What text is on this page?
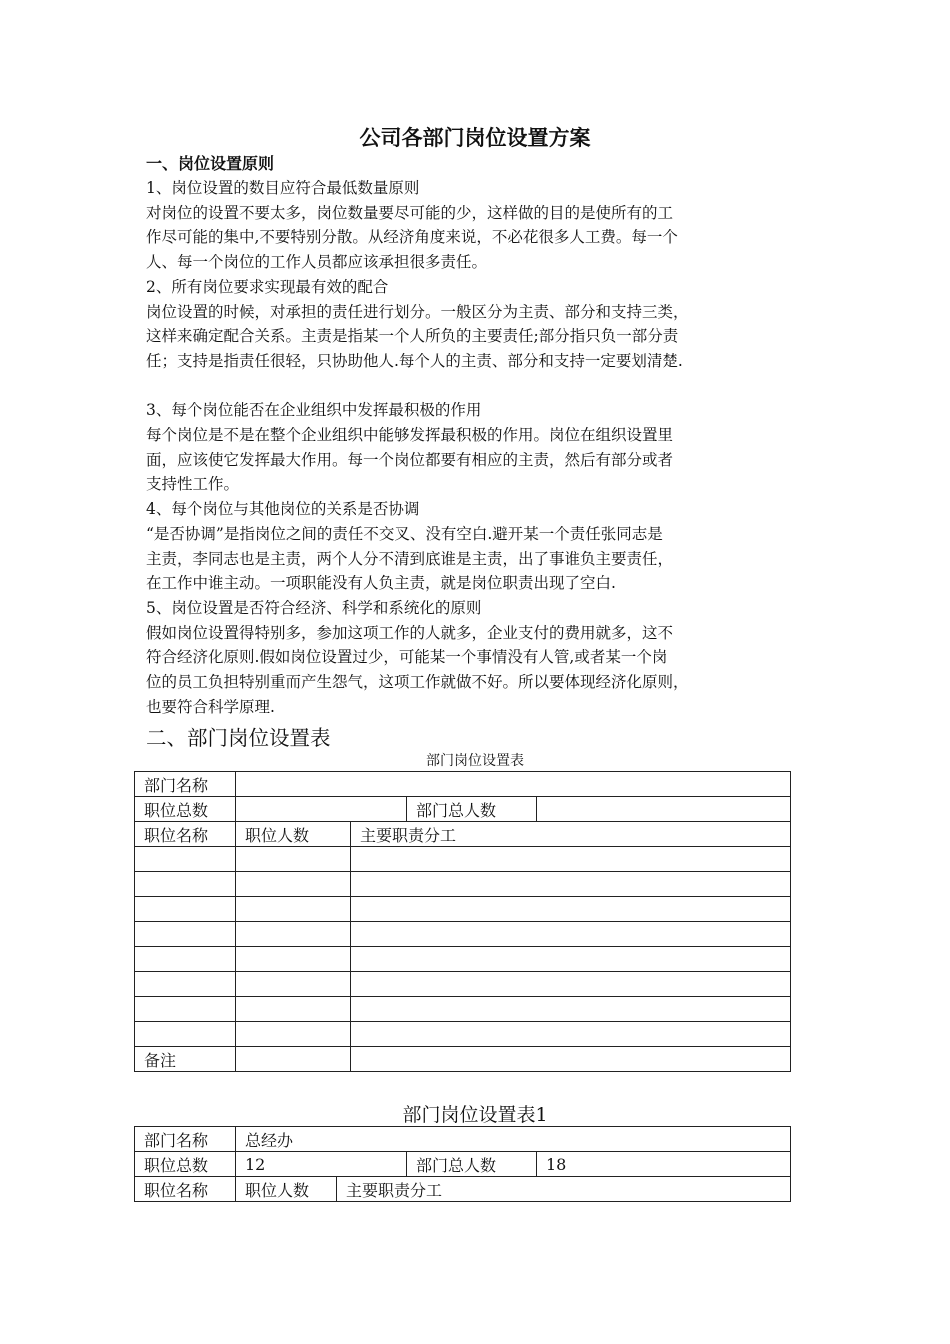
公司各部门岗位设置方案
一、岗位设置原则

1、岗位设置的数目应符合最低数量原则

对岗位的设置不要太多，岗位数量要尽可能的少，这样做的目的是使所有的工

作尽可能的集中,不要特别分散。从经济角度来说，不必花很多人工费。每一个

人、每一个岗位的工作人员都应该承担很多责任。

2、所有岗位要求实现最有效的配合

岗位设置的时候，对承担的责任进行划分。一般区分为主责、部分和支持三类，

这样来确定配合关系。主责是指某一个人所负的主要责任;部分指只负一部分责

任；支持是指责任很轻，只协助他人.每个人的主责、部分和支持一定要划清楚.

3、每个岗位能否在企业组织中发挥最积极的作用

每个岗位是不是在整个企业组织中能够发挥最积极的作用。岗位在组织设置里

面，应该使它发挥最大作用。每一个岗位都要有相应的主责，然后有部分或者

支持性工作。

4、每个岗位与其他岗位的关系是否协调

“是否协调”是指岗位之间的责任不交叉、没有空白.避开某一个责任张同志是

主责，李同志也是主责，两个人分不清到底谁是主责，出了事谁负主要责任，

在工作中谁主动。一项职能没有人负主责，就是岗位职责出现了空白.

5、岗位设置是否符合经济、科学和系统化的原则

假如岗位设置得特别多，参加这项工作的人就多，企业支付的费用就多，这不

符合经济化原则.假如岗位设置过少，可能某一个事情没有人管,或者某一个岗

位的员工负担特别重而产生怨气，这项工作就做不好。所以要体现经济化原则，

也要符合科学原理.

二、部门岗位设置表
部门岗位设置表
部门名称				
职位总数			部门总人数	
职位名称	职位人数	主要职责分工		

备注				
部门岗位设置表1
部门名称	总经办			
职位总数	12		部门总人数	18
职位名称	职位人数	主要职责分工		
